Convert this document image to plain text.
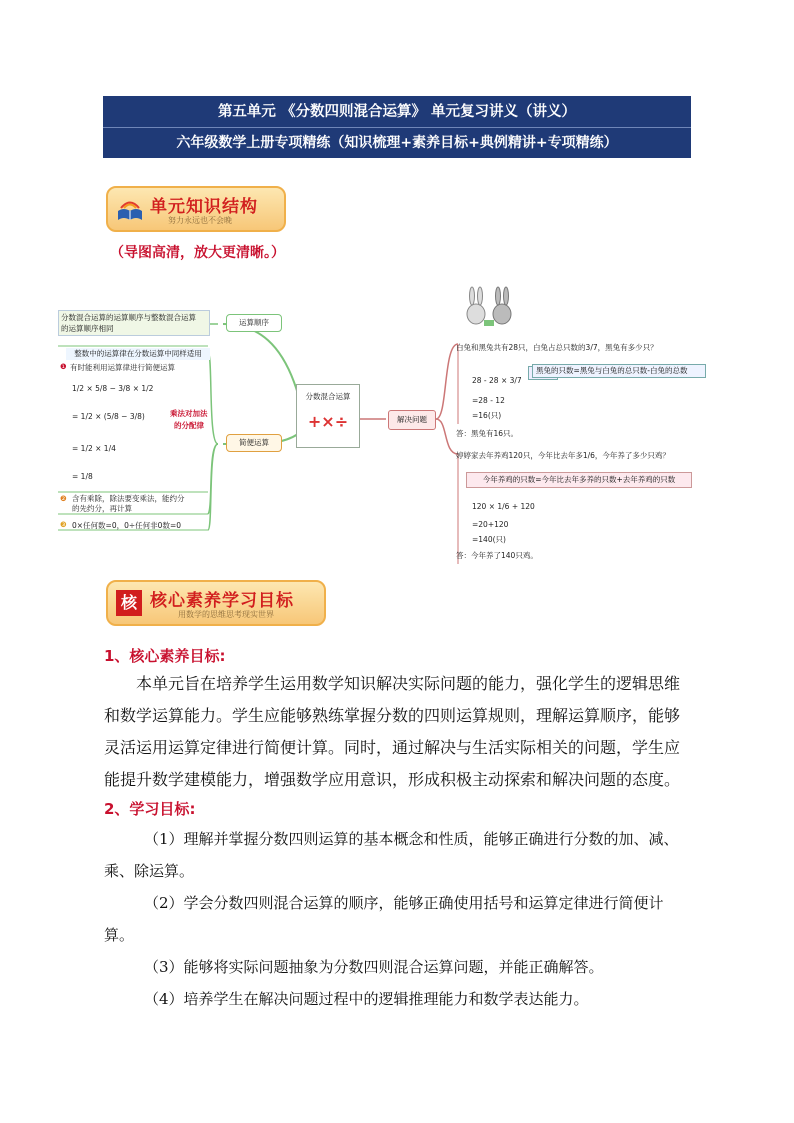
第五单元 《分数四则混合运算》 单元复习讲义（讲义）
六年级数学上册专项精练（知识梳理+素养目标+典例精讲+专项精练）
单元知识结构
努力永远也不会晚
（导图高清，放大更清晰。）
分数混合运算的运算顺序与整数混合运算
的运算顺序相同
运算顺序
整数中的运算律在分数运算中同样适用
❶ 有时能利用运算律进行简便运算
1/2 × 5/8 − 3/8 × 1/2
= 1/2 × (5/8 − 3/8)	乘法对加法
的分配律
= 1/2 × 1/4
= 1/8
简便运算
❷ 含有乘除，除法要变乘法，能约分
的先约分，再计算
❸ 0×任何数=0，0÷任何非0数=0
分数混合运算
+×÷	解决问题
白兔和黑兔共有28只，白兔占总只数的3/7，黑兔有多少只？
28 - 28 × 3/7
=28 - 12
=16(只)
答：黑兔有16只。
婷婷家去年养鸡120只，今年比去年多1/6，今年养了多少只鸡？
120 × 1/6 + 120
=20+120
=140(只)
答：今年养了140只鸡。
黑兔的只数=黑兔与白兔的总只数-白兔的总数
今年养鸡的只数=今年比去年多养的只数+去年养鸡的只数
核 核心素养学习目标
用数学的思维思考现实世界
1、核心素养目标:
本单元旨在培养学生运用数学知识解决实际问题的能力，强化学生的逻辑思维和数学运算能力。学生应能够熟练掌握分数的四则运算规则，理解运算顺序，能够灵活运用运算定律进行简便计算。同时，通过解决与生活实际相关的问题，学生应能提升数学建模能力，增强数学应用意识，形成积极主动探索和解决问题的态度。
2、学习目标:
（1）理解并掌握分数四则运算的基本概念和性质，能够正确进行分数的加、减、乘、除运算。
（2）学会分数四则混合运算的顺序，能够正确使用括号和运算定律进行简便计算。
（3）能够将实际问题抽象为分数四则混合运算问题，并能正确解答。
（4）培养学生在解决问题过程中的逻辑推理能力和数学表达能力。
